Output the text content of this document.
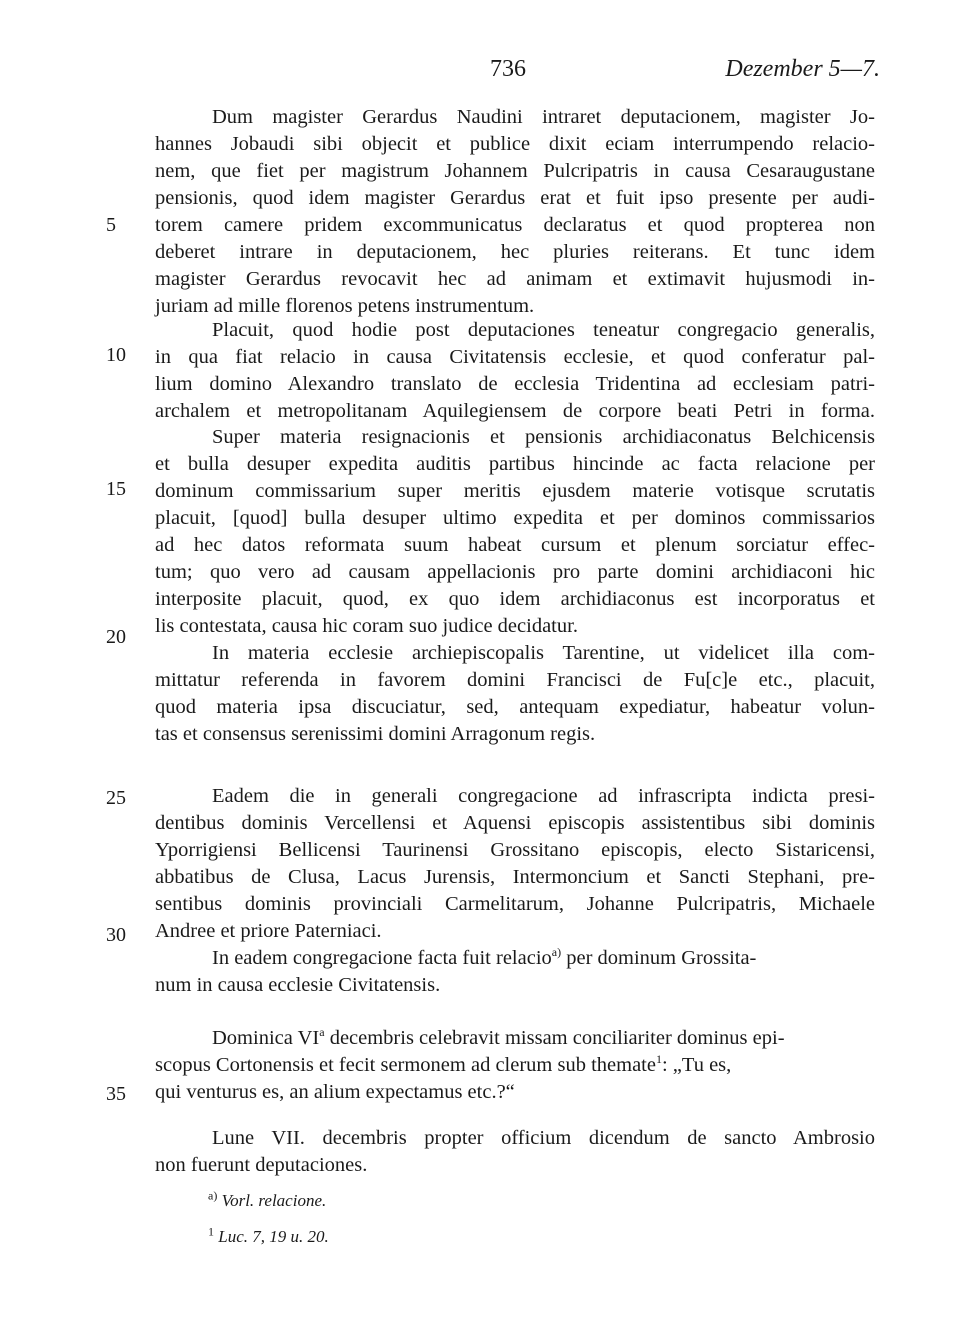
736	Dezember 5—7.
5
10
15
20
25
30
35
Dum magister Gerardus Naudini intraret deputacionem, magister Jo-
hannes Jobaudi sibi objecit et publice dixit eciam interrumpendo relacio-
nem, que fiet per magistrum Johannem Pulcripatris in causa Cesaraugustane
pensionis, quod idem magister Gerardus erat et fuit ipso presente per audi-
torem camere pridem excommunicatus declaratus et quod propterea non
deberet intrare in deputacionem, hec pluries reiterans. Et tunc idem
magister Gerardus revocavit hec ad animam et extimavit hujusmodi in-
juriam ad mille florenos petens instrumentum.
Placuit, quod hodie post deputaciones teneatur congregacio generalis,
in qua fiat relacio in causa Civitatensis ecclesie, et quod conferatur pal-
lium domino Alexandro translato de ecclesia Tridentina ad ecclesiam patri-
archalem et metropolitanam Aquilegiensem de corpore beati Petri in forma.
Super materia resignacionis et pensionis archidiaconatus Belchicensis
et bulla desuper expedita auditis partibus hincinde ac facta relacione per
dominum commissarium super meritis ejusdem materie votisque scrutatis
placuit, [quod] bulla desuper ultimo expedita et per dominos commissarios
ad hec datos reformata suum habeat cursum et plenum sorciatur effec-
tum; quo vero ad causam appellacionis pro parte domini archidiaconi hic
interposite placuit, quod, ex quo idem archidiaconus est incorporatus et
lis contestata, causa hic coram suo judice decidatur.
In materia ecclesie archiepiscopalis Tarentine, ut videlicet illa com-
mittatur referenda in favorem domini Francisci de Fu[c]e etc., placuit,
quod materia ipsa discuciatur, sed, antequam expediatur, habeatur volun-
tas et consensus serenissimi domini Arragonum regis.
Eadem die in generali congregacione ad infrascripta indicta presi-
dentibus dominis Vercellensi et Aquensi episcopis assistentibus sibi dominis
Yporrigiensi Bellicensi Taurinensi Grossitano episcopis, electo Sistaricensi,
abbatibus de Clusa, Lacus Jurensis, Intermoncium et Sancti Stephani, pre-
sentibus dominis provinciali Carmelitarum, Johanne Pulcripatris, Michaele
Andree et priore Paterniaci.
In eadem congregacione facta fuit relacio$^{a)}$ per dominum Grossita-
num in causa ecclesie Civitatensis.
Dominica $VI^a$ decembris celebravit missam conciliariter dominus epi-
scopus Cortonensis et fecit sermonem ad clerum sub themate$^1$: „Tu es,
qui venturus es, an alium expectamus etc.?“
Lune VII. decembris propter officium dicendum de sancto Ambrosio
non fuerunt deputaciones.
$^{a)}$ Vorl. relacione.
$^1$ Luc. 7, 19 u. 20.
